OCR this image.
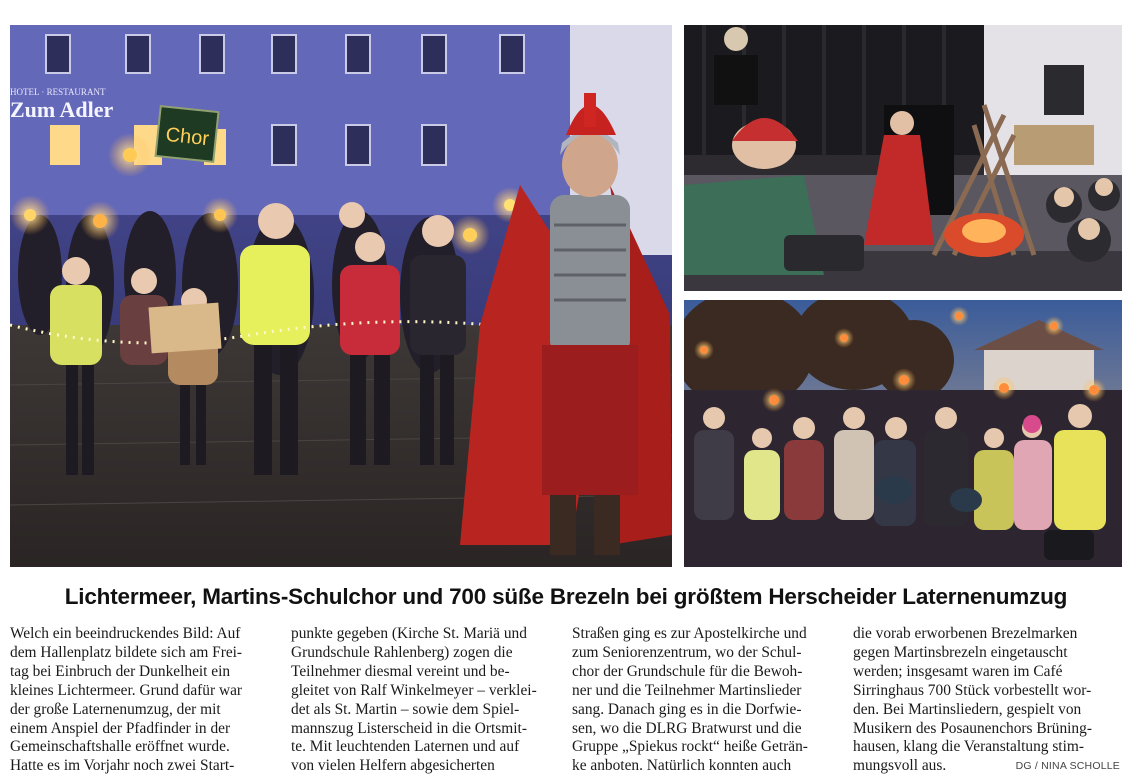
HOTEL · RESTAURANT
Zum Adler
Chor
Lichtermeer, Martins-Schulchor und 700 süße Brezeln bei größtem Herscheider Laternenumzug
Welch ein beeindruckendes Bild: Auf
dem Hallenplatz bildete sich am Frei-
tag bei Einbruch der Dunkelheit ein
kleines Lichtermeer. Grund dafür war
der große Laternenumzug, der mit
einem Anspiel der Pfadfinder in der
Gemeinschaftshalle eröffnet wurde.
Hatte es im Vorjahr noch zwei Start-
punkte gegeben (Kirche St. Mariä und
Grundschule Rahlenberg) zogen die
Teilnehmer diesmal vereint und be-
gleitet von Ralf Winkelmeyer – verklei-
det als St. Martin – sowie dem Spiel-
mannszug Listerscheid in die Ortsmit-
te. Mit leuchtenden Laternen und auf
von vielen Helfern abgesicherten
Straßen ging es zur Apostelkirche und
zum Seniorenzentrum, wo der Schul-
chor der Grundschule für die Bewoh-
ner und die Teilnehmer Martinslieder
sang. Danach ging es in die Dorfwie-
sen, wo die DLRG Bratwurst und die
Gruppe „Spiekus rockt“ heiße Geträn-
ke anboten. Natürlich konnten auch
die vorab erworbenen Brezelmarken
gegen Martinsbrezeln eingetauscht
werden; insgesamt waren im Café
Sirringhaus 700 Stück vorbestellt wor-
den. Bei Martinsliedern, gespielt von
Musikern des Posaunenchors Brüning-
hausen, klang die Veranstaltung stim-
mungsvoll aus.	DG / NINA SCHOLLE
